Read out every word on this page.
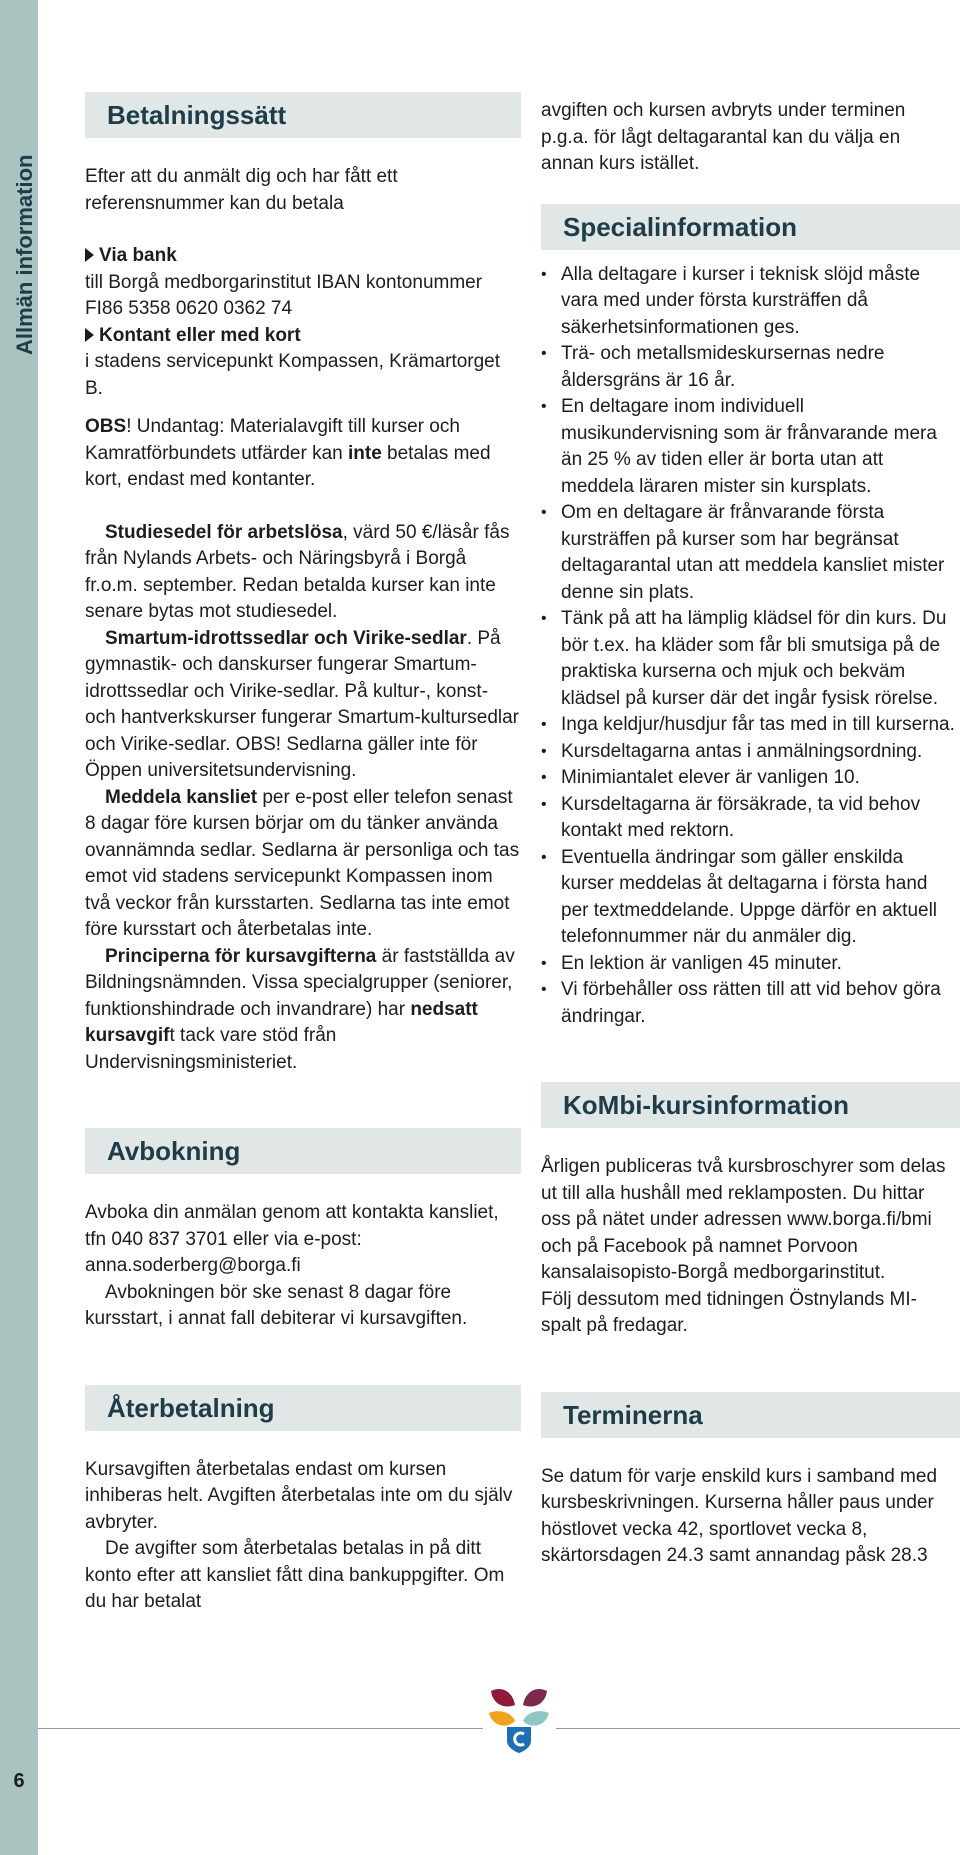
Allmän information
6
Betalningssätt

Efter att du anmält dig och har fått ett referensnummer kan du betala

Via bank

till Borgå medborgarinstitut IBAN kontonummer FI86 5358 0620 0362 74

Kontant eller med kort

i stadens servicepunkt Kompassen, Krämartorget B.

OBS! Undantag: Materialavgift till kurser och Kamratförbundets utfärder kan inte betalas med kort, endast med kontanter.

Studiesedel för arbetslösa, värd 50 €/läsår fås från Nylands Arbets- och Näringsbyrå i Borgå fr.o.m. september. Redan betalda kurser kan inte senare bytas mot studiesedel.

Smartum-idrottssedlar och Virike-sedlar. På gymnastik- och danskurser fungerar Smartum-idrottssedlar och Virike-sedlar. På kultur-, konst- och hantverkskurser fungerar Smartum-kultursedlar och Virike-sedlar. OBS! Sedlarna gäller inte för Öppen universitetsundervisning.

Meddela kansliet per e-post eller telefon senast 8 dagar före kursen börjar om du tänker använda ovannämnda sedlar. Sedlarna är personliga och tas emot vid stadens servicepunkt Kompassen inom två veckor från kursstarten. Sedlarna tas inte emot före kursstart och återbetalas inte.

Principerna för kursavgifterna är fastställda av Bildningsnämnden. Vissa specialgrupper (seniorer, funktionshindrade och invandrare) har nedsatt kursavgift tack vare stöd från Undervisningsministeriet.

Avbokning

Avboka din anmälan genom att kontakta kansliet, tfn 040 837 3701 eller via e-post: anna.soderberg@borga.fi

Avbokningen bör ske senast 8 dagar före kursstart, i annat fall debiterar vi kursavgiften.

Återbetalning

Kursavgiften återbetalas endast om kursen inhiberas helt. Avgiften återbetalas inte om du själv avbryter.

De avgifter som återbetalas betalas in på ditt konto efter att kansliet fått dina bankuppgifter. Om du har betalat

avgiften och kursen avbryts under terminen p.g.a. för lågt deltagarantal kan du välja en annan kurs istället.

Specialinformation
• Alla deltagare i kurser i teknisk slöjd måste vara med under första kursträffen då säkerhetsinformationen ges.
• Trä- och metallsmideskursernas nedre åldersgräns är 16 år.
• En deltagare inom individuell musikundervisning som är frånvarande mera än 25 % av tiden eller är borta utan att meddela läraren mister sin kursplats.
• Om en deltagare är frånvarande första kursträffen på kurser som har begränsat deltagarantal utan att meddela kansliet mister denne sin plats.
• Tänk på att ha lämplig klädsel för din kurs. Du bör t.ex. ha kläder som får bli smutsiga på de praktiska kurserna och mjuk och bekväm klädsel på kurser där det ingår fysisk rörelse.
• Inga keldjur/husdjur får tas med in till kurserna.
• Kursdeltagarna antas i anmälningsordning.
• Minimiantalet elever är vanligen 10.
• Kursdeltagarna är försäkrade, ta vid behov kontakt med rektorn.
• Eventuella ändringar som gäller enskilda kurser meddelas åt deltagarna i första hand per textmeddelande. Uppge därför en aktuell telefonnummer när du anmäler dig.
• En lektion är vanligen 45 minuter.
• Vi förbehåller oss rätten till att vid behov göra ändringar.
KoMbi-kursinformation

Årligen publiceras två kursbroschyrer som delas ut till alla hushåll med reklamposten. Du hittar oss på nätet under adressen www.borga.fi/bmi och på Facebook på namnet Porvoon kansalaisopisto-Borgå medborgarinstitut.

Följ dessutom med tidningen Östnylands MI-spalt på fredagar.

Terminerna

Se datum för varje enskild kurs i samband med kursbeskrivningen. Kurserna håller paus under höstlovet vecka 42, sportlovet vecka 8, skärtorsdagen 24.3 samt annandag påsk 28.3
